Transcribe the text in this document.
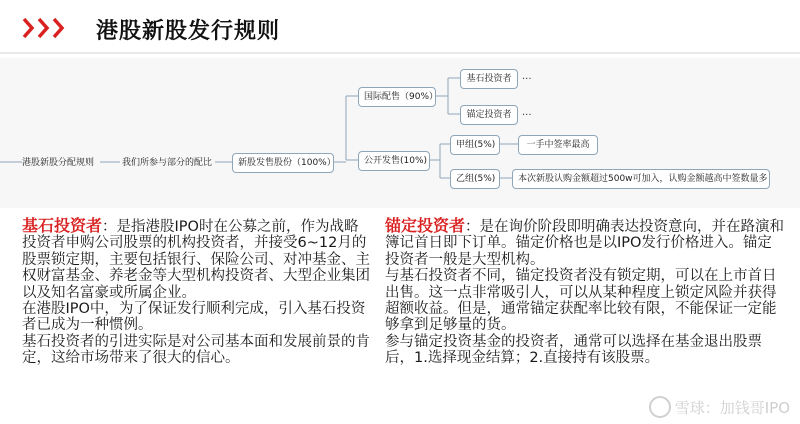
港股新股发行规则
港股新股分配规则	我们所参与部分的配比	新股发售股份（100%）
国际配售（90%）
基石投资者	...
锚定投资者	...
公开发售(10%)
甲组(5%)	一手中签率最高
乙组(5%)	本次新股认购金额超过500w可加入，认购金额越高中签数量多

基石投资者：是指港股IPO时在公募之前，作为战略投资者申购公司股票的机构投资者，并接受6~12月的股票锁定期，主要包括银行、保险公司、对冲基金、主权财富基金、养老金等大型机构投资者、大型企业集团以及知名富豪或所属企业。

在港股IPO中，为了保证发行顺利完成，引入基石投资者已成为一种惯例。

基石投资者的引进实际是对公司基本面和发展前景的肯定，这给市场带来了很大的信心。

锚定投资者：是在询价阶段即明确表达投资意向，并在路演和簿记首日即下订单。锚定价格也是以IPO发行价格进入。锚定投资者一般是大型机构。

与基石投资者不同，锚定投资者没有锁定期，可以在上市首日出售。这一点非常吸引人，可以从某种程度上锁定风险并获得超额收益。但是，通常锚定获配率比较有限，不能保证一定能够拿到足够量的货。

参与锚定投资基金的投资者，通常可以选择在基金退出股票后，1.选择现金结算；2.直接持有该股票。

雪球：加钱哥IPO
